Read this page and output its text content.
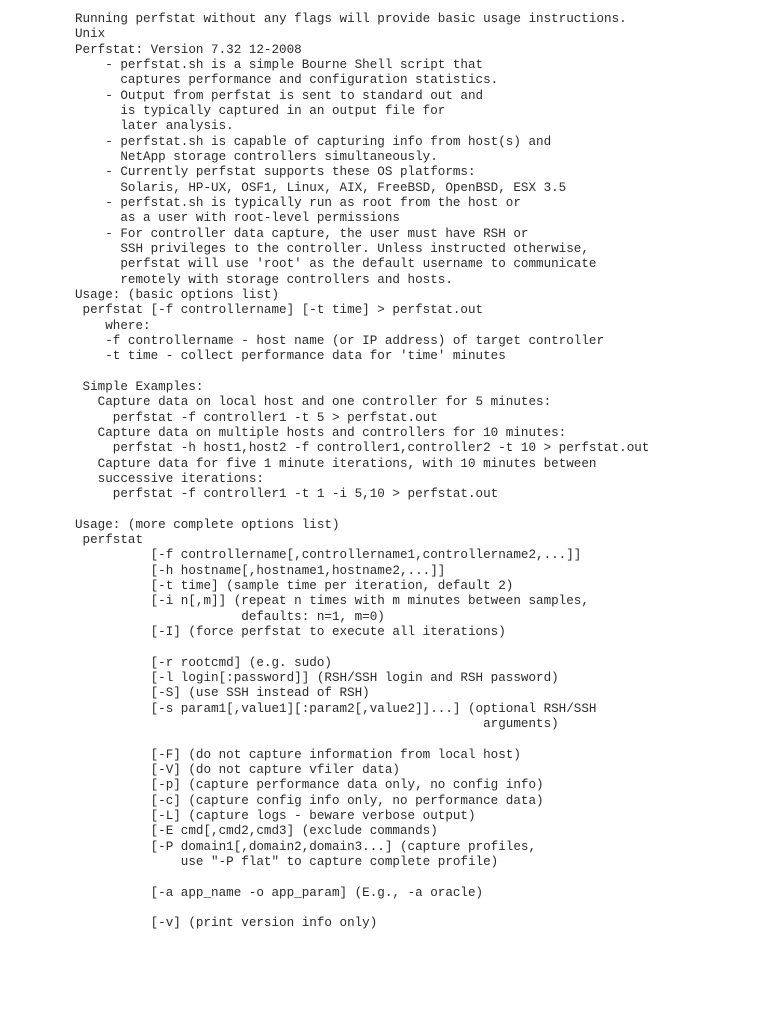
Running perfstat without any flags will provide basic usage instructions.
Unix
Perfstat: Version 7.32 12-2008
- perfstat.sh is a simple Bourne Shell script that
captures performance and configuration statistics.
- Output from perfstat is sent to standard out and
is typically captured in an output file for
later analysis.
- perfstat.sh is capable of capturing info from host(s) and
NetApp storage controllers simultaneously.
- Currently perfstat supports these OS platforms:
Solaris, HP-UX, OSF1, Linux, AIX, FreeBSD, OpenBSD, ESX 3.5
- perfstat.sh is typically run as root from the host or
as a user with root-level permissions
- For controller data capture, the user must have RSH or
SSH privileges to the controller. Unless instructed otherwise,
perfstat will use 'root' as the default username to communicate
remotely with storage controllers and hosts.
Usage: (basic options list)
perfstat [-f controllername] [-t time] > perfstat.out
where:
-f controllername - host name (or IP address) of target controller
-t time - collect performance data for 'time' minutes
Simple Examples:
Capture data on local host and one controller for 5 minutes:
perfstat -f controller1 -t 5 > perfstat.out
Capture data on multiple hosts and controllers for 10 minutes:
perfstat -h host1,host2 -f controller1,controller2 -t 10 > perfstat.out
Capture data for five 1 minute iterations, with 10 minutes between
successive iterations:
perfstat -f controller1 -t 1 -i 5,10 > perfstat.out
Usage: (more complete options list)
perfstat
[-f controllername[,controllername1,controllername2,...]]
[-h hostname[,hostname1,hostname2,...]]
[-t time] (sample time per iteration, default 2)
[-i n[,m]] (repeat n times with m minutes between samples,
defaults: n=1, m=0)
[-I] (force perfstat to execute all iterations)
[-r rootcmd] (e.g. sudo)
[-l login[:password]] (RSH/SSH login and RSH password)
[-S] (use SSH instead of RSH)
[-s param1[,value1][:param2[,value2]]...] (optional RSH/SSH
arguments)
[-F] (do not capture information from local host)
[-V] (do not capture vfiler data)
[-p] (capture performance data only, no config info)
[-c] (capture config info only, no performance data)
[-L] (capture logs - beware verbose output)
[-E cmd[,cmd2,cmd3] (exclude commands)
[-P domain1[,domain2,domain3...] (capture profiles,
use "-P flat" to capture complete profile)
[-a app_name -o app_param] (E.g., -a oracle)
[-v] (print version info only)
